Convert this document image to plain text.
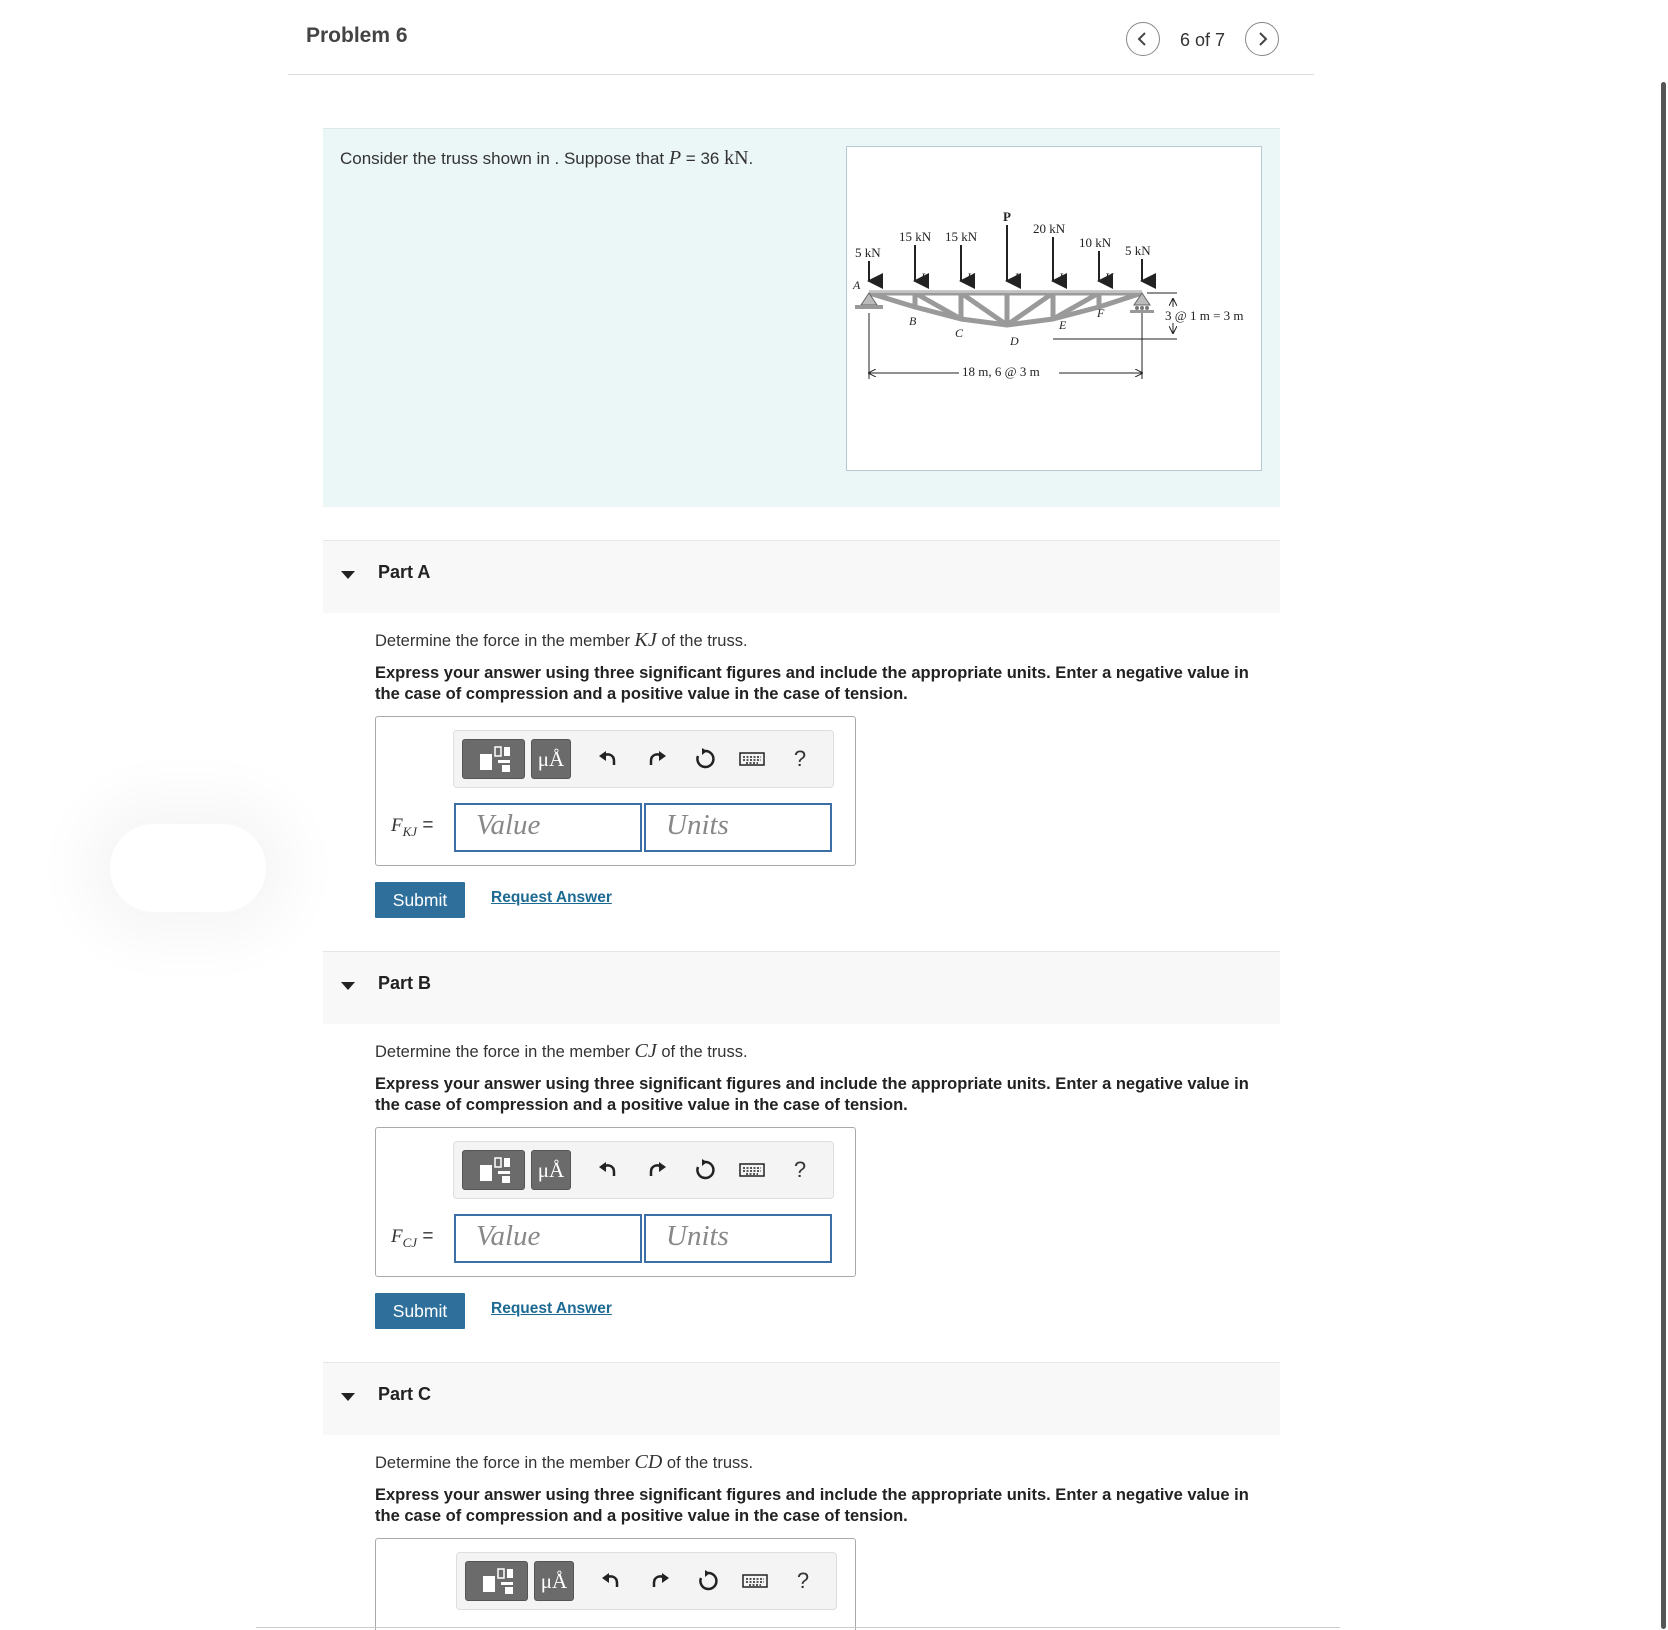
Problem 6	6 of 7
Consider the truss shown in . Suppose that P = 36 kN.
5 kN
15 kN 15 kN
P
20 kN
10 kN
5 kN
A
L	K	J	I	H	G
B
C
D
E
F
18 m, 6 @ 3 m
3 @ 1 m = 3 m
Part A
Determine the force in the member KJ of the truss.
Express your answer using three significant figures and include the appropriate units. Enter a negative value in the case of compression and a positive value in the case of tension.
μÅ	?
$F_{KJ}$ =	Value	Units
Submit	Request Answer
Part B
Determine the force in the member CJ of the truss.
Express your answer using three significant figures and include the appropriate units. Enter a negative value in the case of compression and a positive value in the case of tension.
μÅ	?
$F_{CJ}$ =	Value	Units
Submit	Request Answer
Part C
Determine the force in the member CD of the truss.
Express your answer using three significant figures and include the appropriate units. Enter a negative value in the case of compression and a positive value in the case of tension.
μÅ	?
